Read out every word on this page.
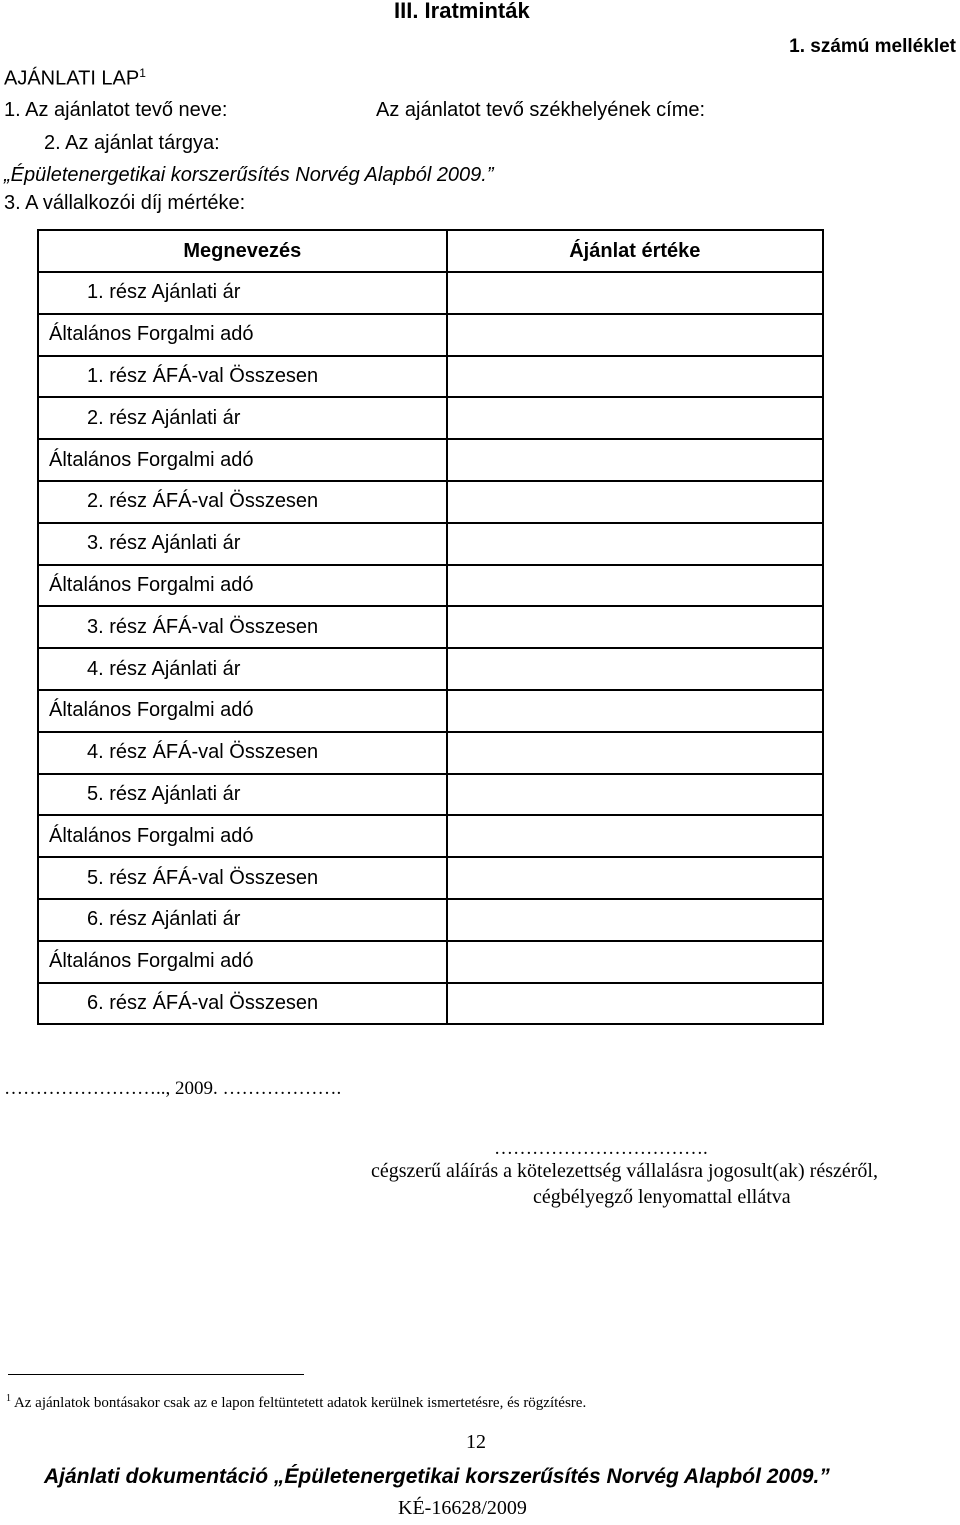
III. Iratminták
1. számú melléklet
AJÁNLATI LAP$^1$
1. Az ajánlatot tevő neve:	Az ajánlatot tevő székhelyének címe:
2. Az ajánlat tárgya:
„Épületenergetikai korszerűsítés Norvég Alapból 2009.”
3. A vállalkozói díj mértéke:
Megnevezés	Ájánlat értéke
1. rész Ajánlati ár	
Általános Forgalmi adó	
1. rész ÁFÁ-val Összesen	
2. rész Ajánlati ár	
Általános Forgalmi adó	
2. rész ÁFÁ-val Összesen	
3. rész Ajánlati ár	
Általános Forgalmi adó	
3. rész ÁFÁ-val Összesen	
4. rész Ajánlati ár	
Általános Forgalmi adó	
4. rész ÁFÁ-val Összesen	
5. rész Ajánlati ár	
Általános Forgalmi adó	
5. rész ÁFÁ-val Összesen	
6. rész Ajánlati ár	
Általános Forgalmi adó	
6. rész ÁFÁ-val Összesen	
…………………….., 2009. ……………….
…………………………….
cégszerű aláírás a kötelezettség vállalásra jogosult(ak) részéről,
cégbélyegző lenyomattal ellátva
$^1$ Az ajánlatok bontásakor csak az e lapon feltüntetett adatok kerülnek ismertetésre, és rögzítésre.
12
Ajánlati dokumentáció „Épületenergetikai korszerűsítés Norvég Alapból 2009.”
KÉ-16628/2009
